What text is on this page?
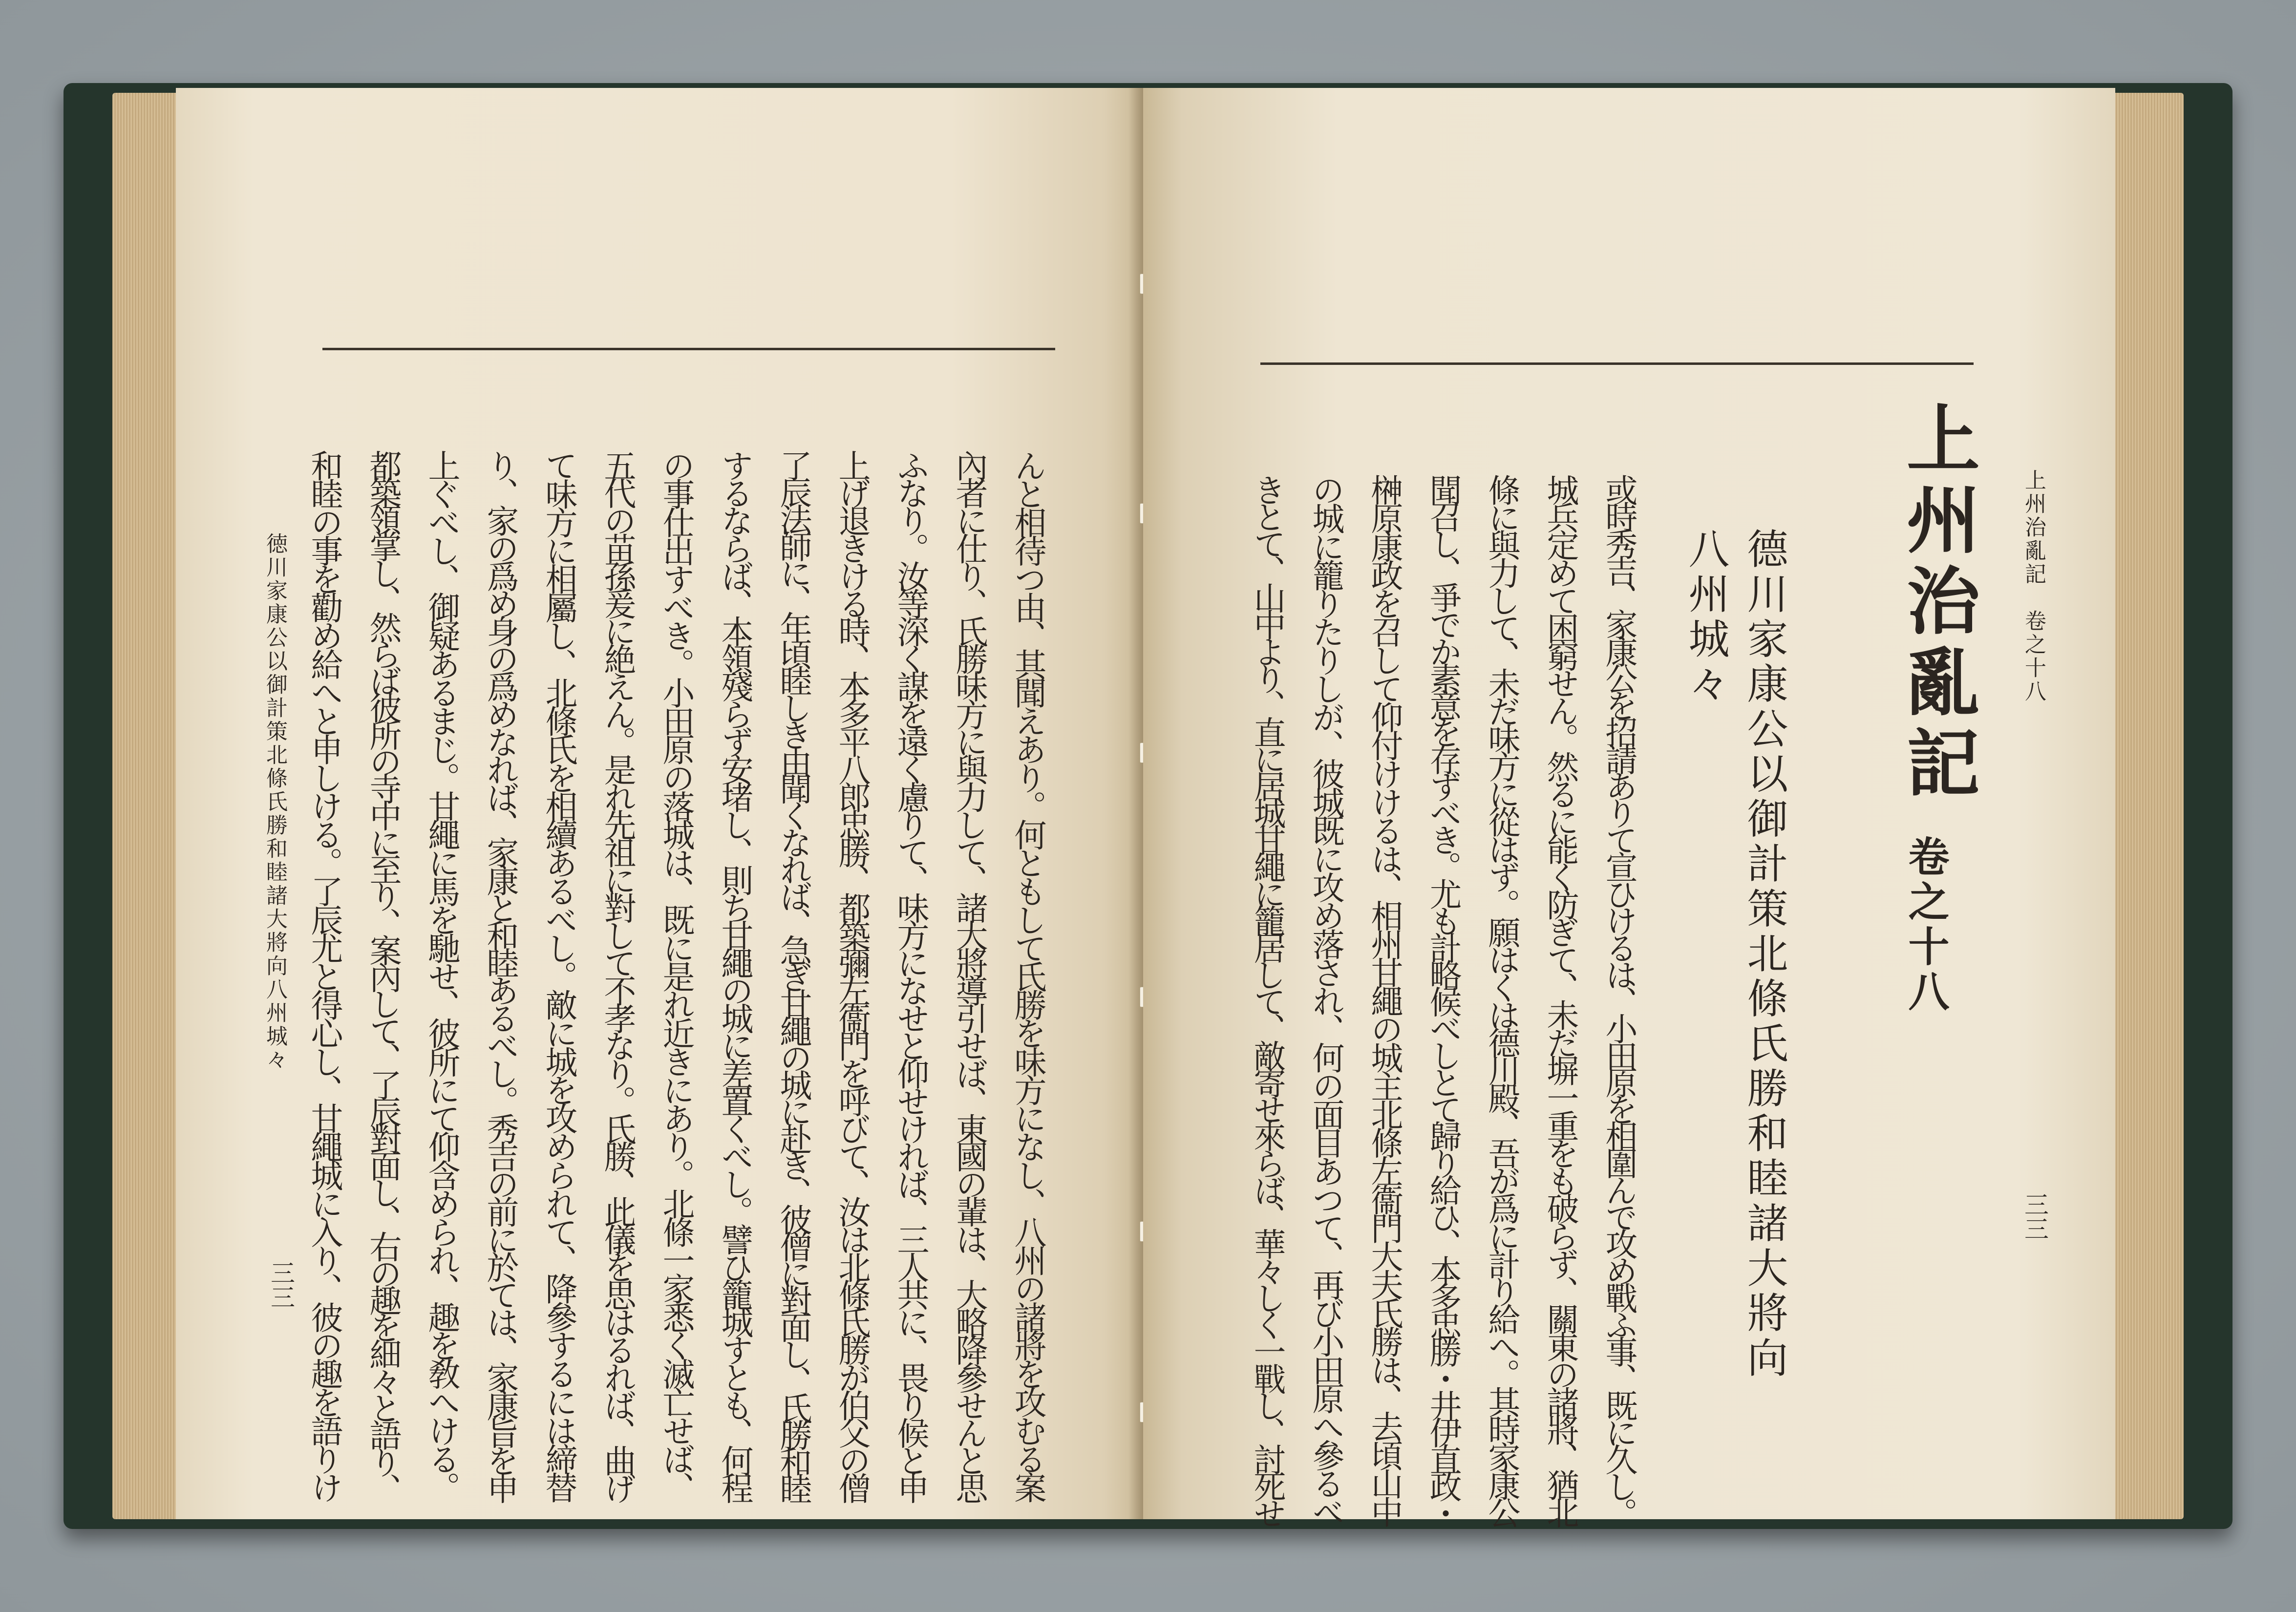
んと相待つ由、其聞えあり。何ともして氏勝を味方になし、八州の諸將を攻むる案
內者に仕り、氏勝味方に與力して、諸大將導引せば、東國の輩は、大略降參せんと思
ふなり。汝等深く謀を遠く慮りて、味方になせと仰せければ、三人共に、畏り候と申
上げ退きける時、本多平八郎忠勝、都築彌左衞門を呼びて、汝は北條氏勝が伯父の僧
了辰法師に、年頃睦しき由聞くなれば、急ぎ甘繩の城に赴き、彼僧に對面し、氏勝和睦
するならば、本領殘らず安堵し、則ち甘繩の城に差置くべし。譬ひ籠城すとも、何程
の事仕出すべき。小田原の落城は、既に是れ近きにあり。北條一家悉く滅亡せば、
五代の苗孫爰に絶えん。是れ先祖に對して不孝なり。氏勝、此儀を思はるれば、曲げ
て味方に相屬し、北條氏を相續あるべし。敵に城を攻められて、降參するには締替
り、家の爲め身の爲めなれば、家康と和睦あるべし。秀吉の前に於ては、家康旨を申
上ぐべし、御疑あるまじ。甘繩に馬を馳せ、彼所にて仰含められ、趣を敎へける。
都築領掌し、然らば彼所の寺中に至り、案內して、了辰對面し、右の趣を細々と語り、
和睦の事を勸め給へと申しける。了辰尤と得心し、甘繩城に入り、彼の趣を語りけ
徳川家康公以御計策北條氏勝和睦諸大將向八州城々
三三
上州治亂記　卷之十八
三三
上州治亂記
卷之十八
德川家康公以御計策北條氏勝和睦諸大將向
八州城々
或時秀吉、家康公を招請ありて宣ひけるは、小田原を相圍んで攻め戰ふ事、既に久し。
城兵定めて困窮せん。然るに能く防ぎて、未だ塀一重をも破らず、關東の諸將、猶北
條に與力して、未だ味方に從はず。願はくは德川殿、吾が爲に計り給へ。其時家康公
聞召し、爭でか素意を存ずべき。尤も計略候べしとて歸り給ひ、本多忠勝・井伊直政・
榊原康政を召して仰付けけるは、相州甘繩の城主北條左衞門大夫氏勝は、去頃山中
の城に籠りたりしが、彼城既に攻め落され、何の面目あつて、再び小田原へ參るべ
きとて、山中より、直に居城甘繩に籠居して、敵寄せ來らば、華々しく一戰し、討死せ
